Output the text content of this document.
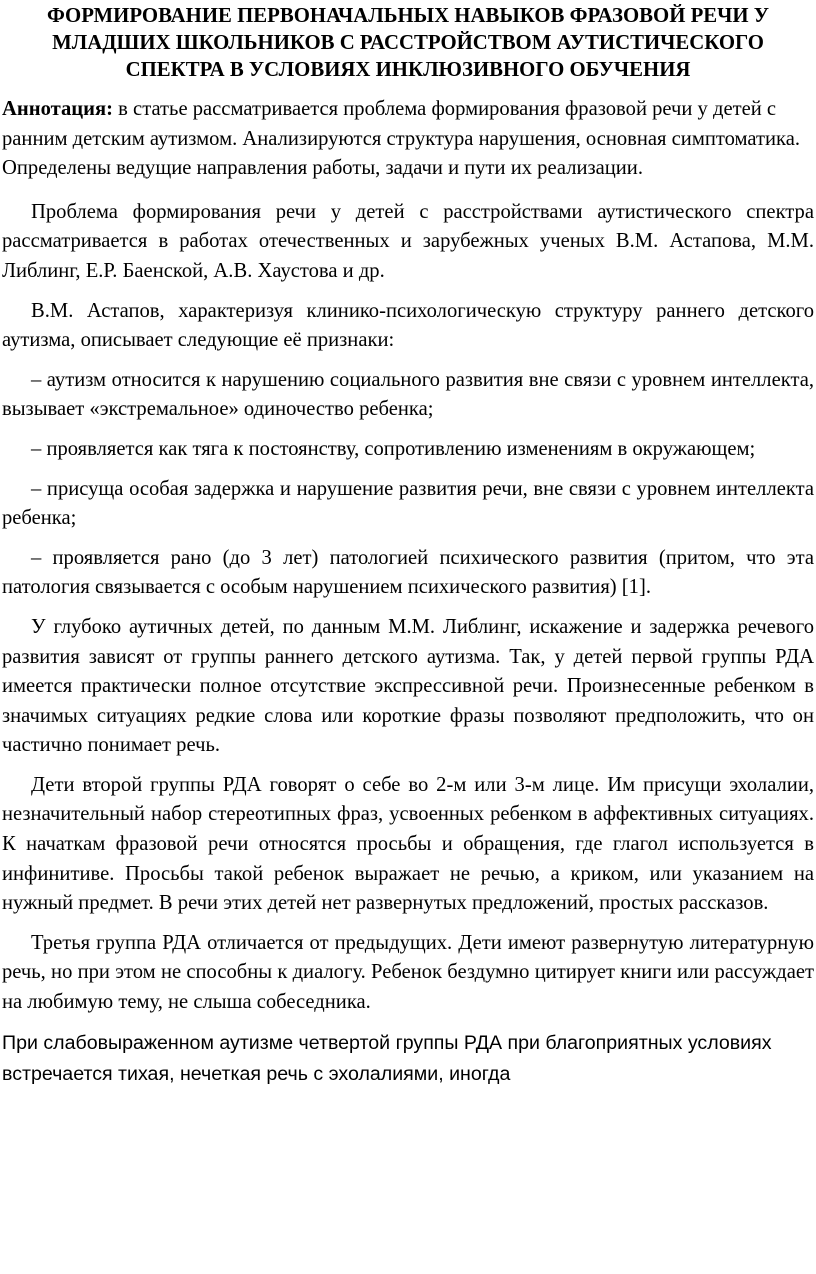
ФОРМИРОВАНИЕ ПЕРВОНАЧАЛЬНЫХ НАВЫКОВ ФРАЗОВОЙ РЕЧИ У МЛАДШИХ ШКОЛЬНИКОВ С РАССТРОЙСТВОМ АУТИСТИЧЕСКОГО СПЕКТРА В УСЛОВИЯХ ИНКЛЮЗИВНОГО ОБУЧЕНИЯ

Аннотация: в статье рассматривается проблема формирования фразовой речи у детей с ранним детским аутизмом. Анализируются структура нарушения, основная симптоматика. Определены ведущие направления работы, задачи и пути их реализации.

Проблема формирования речи у детей с расстройствами аутистического спектра рассматривается в работах отечественных и зарубежных ученых В.М. Астапова, М.М. Либлинг, Е.Р. Баенской, А.В. Хаустова и др.

В.М. Астапов, характеризуя клинико-психологическую структуру раннего детского аутизма, описывает следующие её признаки:

– аутизм относится к нарушению социального развития вне связи с уровнем интеллекта, вызывает «экстремальное» одиночество ребенка;

– проявляется как тяга к постоянству, сопротивлению изменениям в окружающем;

– присуща особая задержка и нарушение развития речи, вне связи с уровнем интеллекта ребенка;

– проявляется рано (до 3 лет) патологией психического развития (притом, что эта патология связывается с особым нарушением психического развития) [1].

У глубоко аутичных детей, по данным М.М. Либлинг, искажение и задержка речевого развития зависят от группы раннего детского аутизма. Так, у детей первой группы РДА имеется практически полное отсутствие экспрессивной речи. Произнесенные ребенком в значимых ситуациях редкие слова или короткие фразы позволяют предположить, что он частично понимает речь.

Дети второй группы РДА говорят о себе во 2-м или 3-м лице. Им присущи эхолалии, незначительный набор стереотипных фраз, усвоенных ребенком в аффективных ситуациях. К начаткам фразовой речи относятся просьбы и обращения, где глагол используется в инфинитиве. Просьбы такой ребенок выражает не речью, а криком, или указанием на нужный предмет. В речи этих детей нет развернутых предложений, простых рассказов.

Третья группа РДА отличается от предыдущих. Дети имеют развернутую литературную речь, но при этом не способны к диалогу. Ребенок бездумно цитирует книги или рассуждает на любимую тему, не слыша собеседника.

При слабовыраженном аутизме четвертой группы РДА при благоприятных условиях встречается тихая, нечеткая речь с эхолалиями, иногда
